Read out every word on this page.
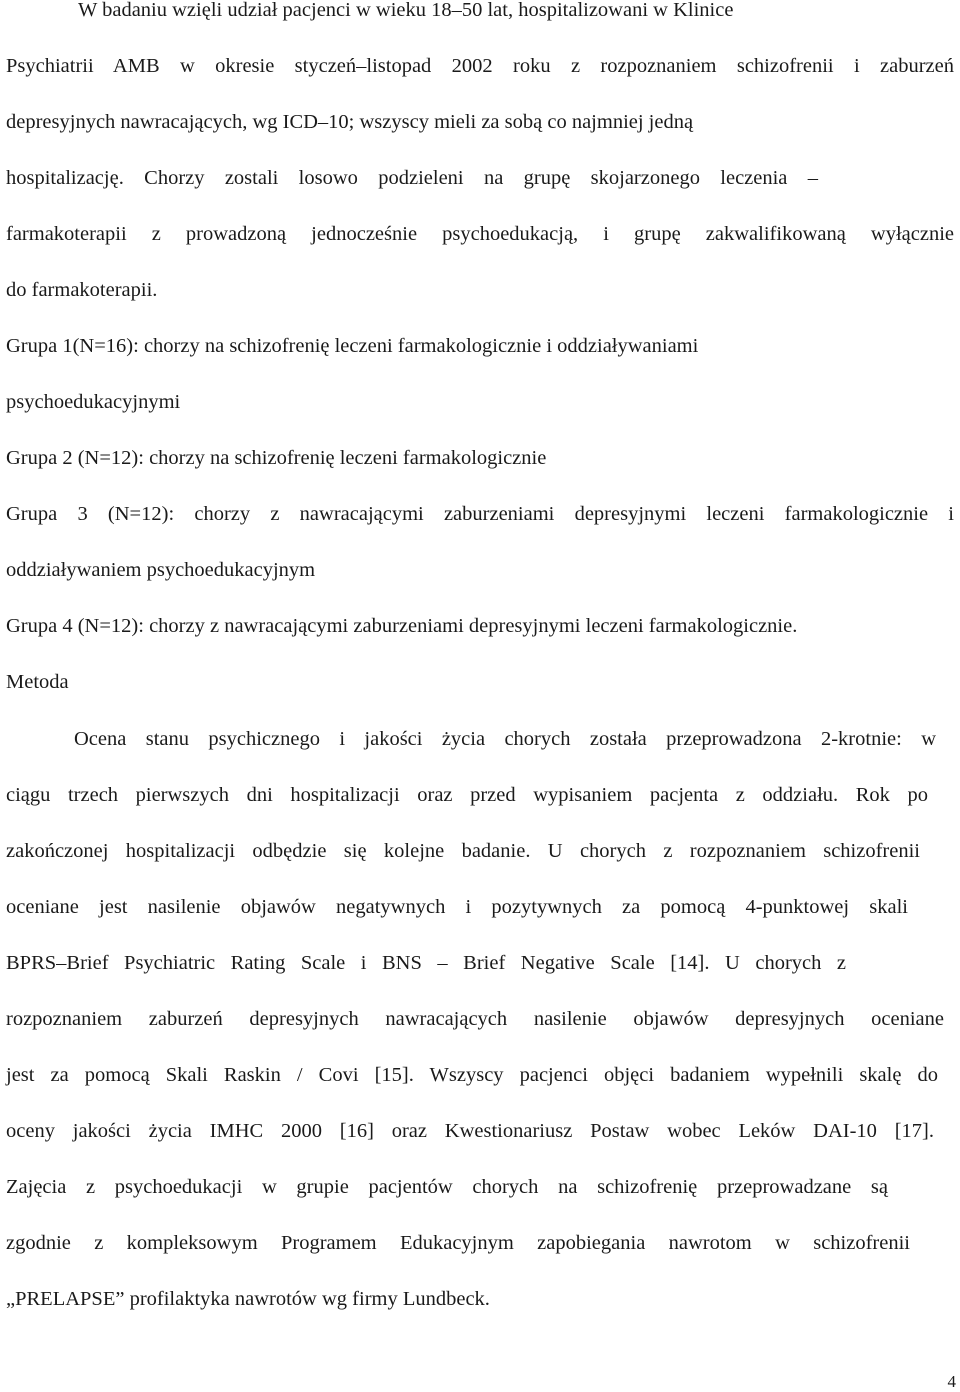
W badaniu wzięli udział pacjenci w wieku 18–50 lat, hospitalizowani w Klinice
Psychiatrii AMB w okresie styczeń–listopad 2002 roku z rozpoznaniem schizofrenii i zaburzeń
depresyjnych nawracających, wg ICD–10; wszyscy mieli za sobą co najmniej jedną
hospitalizację. Chorzy zostali losowo podzieleni na grupę skojarzonego leczenia –
farmakoterapii z prowadzoną jednocześnie psychoedukacją, i grupę zakwalifikowaną wyłącznie
do farmakoterapii.
Grupa 1(N=16): chorzy na schizofrenię leczeni farmakologicznie i oddziaływaniami
psychoedukacyjnymi
Grupa 2 (N=12): chorzy na schizofrenię leczeni farmakologicznie
Grupa 3 (N=12): chorzy z nawracającymi zaburzeniami depresyjnymi leczeni farmakologicznie i
oddziaływaniem psychoedukacyjnym
Grupa 4 (N=12): chorzy z nawracającymi zaburzeniami depresyjnymi leczeni farmakologicznie.
Metoda
Ocena stanu psychicznego i jakości życia chorych została przeprowadzona 2-krotnie: w
ciągu trzech pierwszych dni hospitalizacji oraz przed wypisaniem pacjenta z oddziału. Rok po
zakończonej hospitalizacji odbędzie się kolejne badanie. U chorych z rozpoznaniem schizofrenii
oceniane jest nasilenie objawów negatywnych i pozytywnych za pomocą 4-punktowej skali
BPRS–Brief Psychiatric Rating Scale i BNS – Brief Negative Scale [14]. U chorych z
rozpoznaniem zaburzeń depresyjnych nawracających nasilenie objawów depresyjnych oceniane
jest za pomocą Skali Raskin / Covi [15]. Wszyscy pacjenci objęci badaniem wypełnili skalę do
oceny jakości życia IMHC 2000 [16] oraz Kwestionariusz Postaw wobec Leków DAI-10 [17].
Zajęcia z psychoedukacji w grupie pacjentów chorych na schizofrenię przeprowadzane są
zgodnie z kompleksowym Programem Edukacyjnym zapobiegania nawrotom w schizofrenii
„PRELAPSE” profilaktyka nawrotów wg firmy Lundbeck.
4
